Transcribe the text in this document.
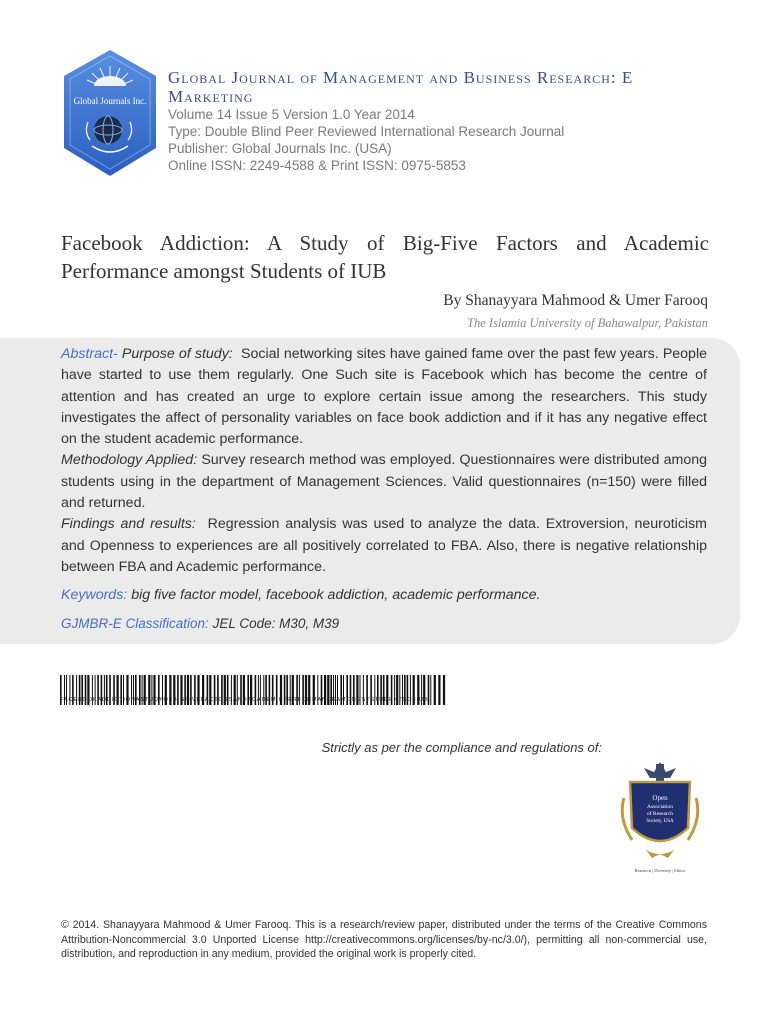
Global Journals Inc.
Global Journal of Management and Business Research: E
Marketing
Volume 14 Issue 5 Version 1.0 Year 2014
Type: Double Blind Peer Reviewed International Research Journal
Publisher: Global Journals Inc. (USA)
Online ISSN: 2249-4588 & Print ISSN: 0975-5853
Facebook Addiction: A Study of Big-Five Factors and Academic Performance amongst Students of IUB
By Shanayyara Mahmood & Umer Farooq
The Islamia University of Bahawalpur, Pakistan

Abstract- Purpose of study: Social networking sites have gained fame over the past few years. People have started to use them regularly. One Such site is Facebook which has become the centre of attention and has created an urge to explore certain issue among the researchers. This study investigates the affect of personality variables on face book addiction and if it has any negative effect on the student academic performance.

Methodology Applied: Survey research method was employed. Questionnaires were distributed among students using in the department of Management Sciences. Valid questionnaires (n=150) were filled and returned.

Findings and results: Regression analysis was used to analyze the data. Extroversion, neuroticism and Openness to experiences are all positively correlated to FBA. Also, there is negative relationship between FBA and Academic performance.

Keywords: big five factor model, facebook addiction, academic performance.
GJMBR-E Classification: JEL Code: M30, M39
FACEBOOKADDICTIONASTUDYOFBIGFIVEFACTORSANDACADEMICPERFORMANCEAMONGSTSTUDENTSOFIUB
Strictly as per the compliance and regulations of:
Open
Association
of Research
Society, USA
Research | Diversity | Ethics
© 2014. Shanayyara Mahmood & Umer Farooq. This is a research/review paper, distributed under the terms of the Creative Commons Attribution-Noncommercial 3.0 Unported License http://creativecommons.org/licenses/by-nc/3.0/), permitting all non-commercial use, distribution, and reproduction in any medium, provided the original work is properly cited.
